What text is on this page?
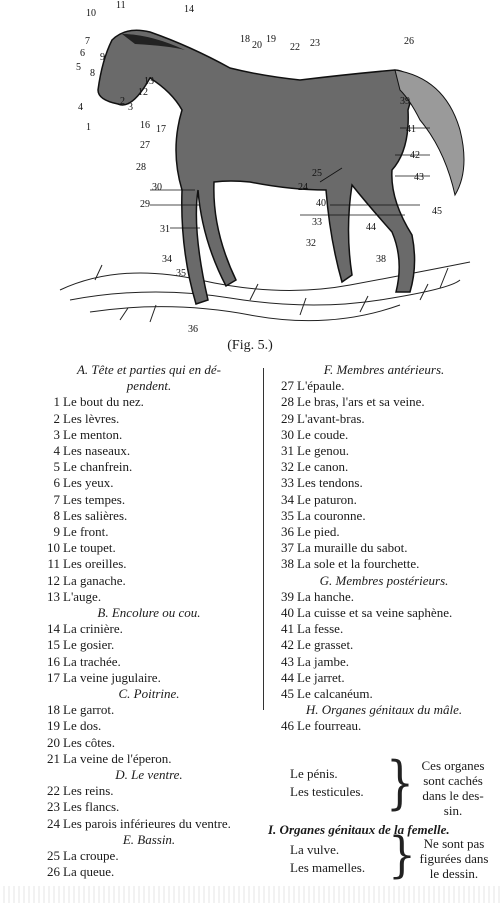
1
2
3
4
5
6
7
8
9
10
11
12
13
14
16 17
18 19
20	22 23
24
25
26
27
28
29
30
31
32
33
34
35
36
38
39
40
41
42
43
44
45
(Fig. 5.)
A. Tête et parties qui en dé-
pendent.
1 Le bout du nez.
2 Les lèvres.
3 Le menton.
4 Les naseaux.
5 Le chanfrein.
6 Les yeux.
7 Les tempes.
8 Les salières.
9 Le front.
10 Le toupet.
11 Les oreilles.
12 La ganache.
13 L'auge.
B. Encolure ou cou.
14 La crinière.
15 Le gosier.
16 La trachée.
17 La veine jugulaire.
C. Poitrine.
18 Le garrot.
19 Le dos.
20 Les côtes.
21 La veine de l'éperon.
D. Le ventre.
22 Les reins.
23 Les flancs.
24 Les parois inférieures du ventre.
E. Bassin.
25 La croupe.
26 La queue.
F. Membres antérieurs.
27 L'épaule.
28 Le bras, l'ars et sa veine.
29 L'avant-bras.
30 Le coude.
31 Le genou.
32 Le canon.
33 Les tendons.
34 Le paturon.
35 La couronne.
36 Le pied.
37 La muraille du sabot.
38 La sole et la fourchette.
G. Membres postérieurs.
39 La hanche.
40 La cuisse et sa veine saphène.
41 La fesse.
42 Le grasset.
43 La jambe.
44 Le jarret.
45 Le calcanéum.
H. Organes génitaux du mâle.
46 Le fourreau.
Le pénis.
Les testicules. } Ces organes
sont cachés
dans le des-
sin.
I. Organes génitaux de la femelle.
La vulve.
Les mamelles. } Ne sont pas
figurées dans
le dessin.
